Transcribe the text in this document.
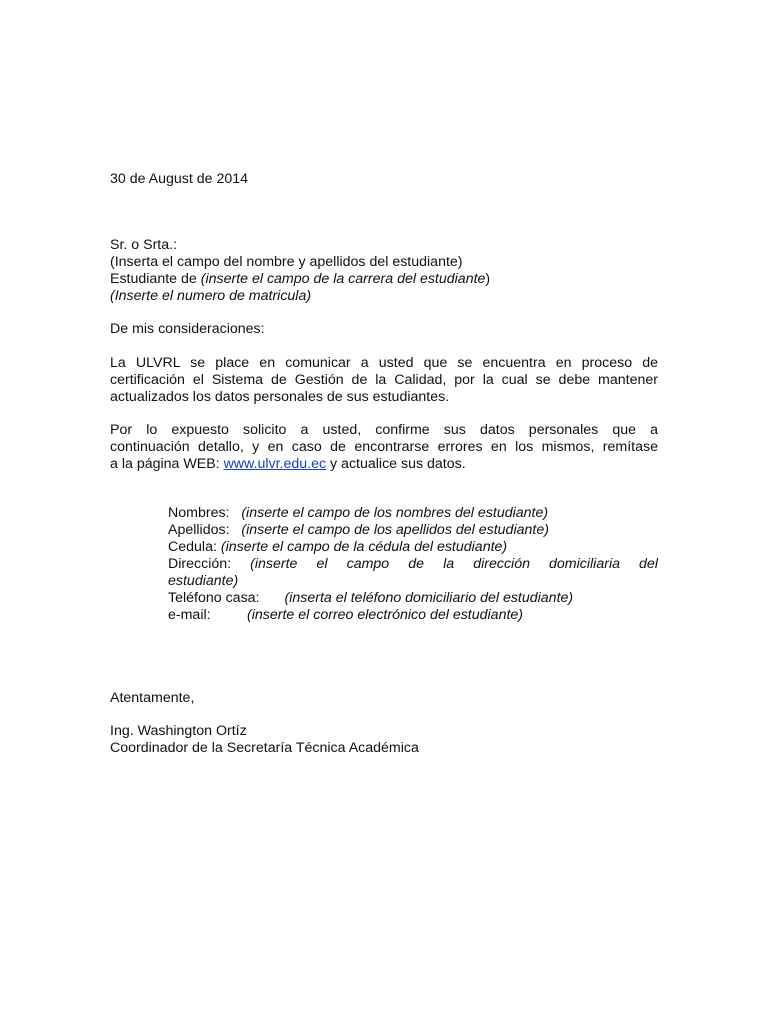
30 de August de 2014
Sr. o Srta.:
(Inserta el campo del nombre y apellidos del estudiante)
Estudiante de (inserte el campo de la carrera del estudiante)
(Inserte el numero de matricula)
De mis consideraciones:
La ULVRL se place en comunicar a usted que se encuentra en proceso de
certificación el Sistema de Gestión de la Calidad, por la cual se debe mantener
actualizados los datos personales de sus estudiantes.
Por lo expuesto solicito a usted, confirme sus datos personales que a
continuación detallo, y en caso de encontrarse errores en los mismos, remítase
a la página WEB: www.ulvr.edu.ec y actualice sus datos.
Nombres: (inserte el campo de los nombres del estudiante)
Apellidos: (inserte el campo de los apellidos del estudiante)
Cedula: (inserte el campo de la cédula del estudiante)
Dirección: (inserte el campo de la dirección domiciliaria del
estudiante)
Teléfono casa: (inserta el teléfono domiciliario del estudiante)
e-mail:	(inserte el correo electrónico del estudiante)
Atentamente,
Ing. Washington Ortíz
Coordinador de la Secretaría Técnica Académica
